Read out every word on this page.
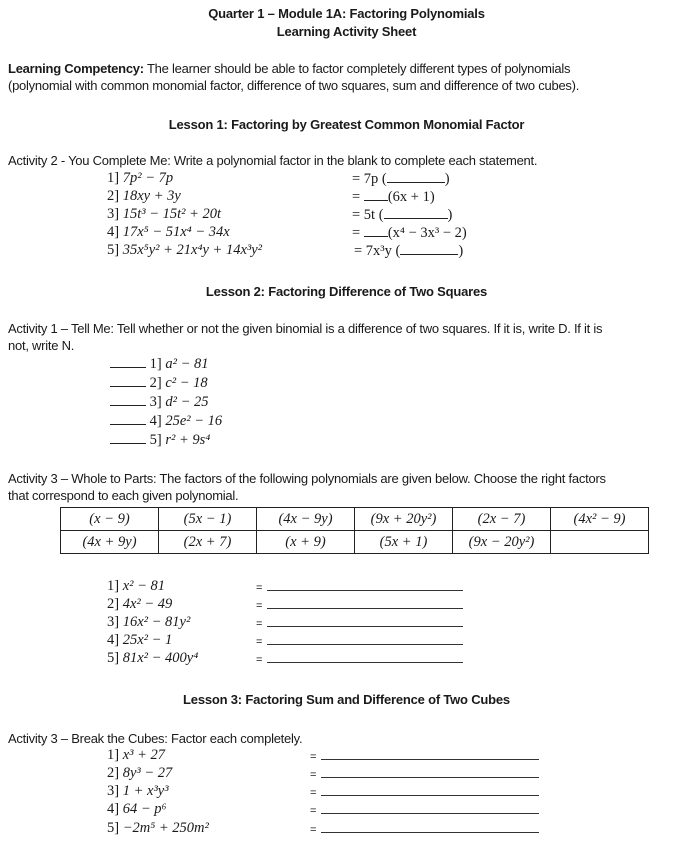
Quarter 1 – Module 1A: Factoring Polynomials
Learning Activity Sheet
Learning Competency: The learner should be able to factor completely different types of polynomials
(polynomial with common monomial factor, difference of two squares, sum and difference of two cubes).
Lesson 1: Factoring by Greatest Common Monomial Factor
Activity 2 - You Complete Me: Write a polynomial factor in the blank to complete each statement.
1] 7p² − 7p	= 7p (	)
2] 18xy + 3y	= (6x + 1)
3] 15t³ − 15t² + 20t	= 5t (	)
4] 17x⁵ − 51x⁴ − 34x	= (x⁴ − 3x³ − 2)
5] 35x⁵y² + 21x⁴y + 14x³y²	= 7x³y (	)
Lesson 2: Factoring Difference of Two Squares
Activity 1 – Tell Me: Tell whether or not the given binomial is a difference of two squares. If it is, write D. If it is
not, write N.
1] a² − 81
2] c² − 18
3] d² − 25
4] 25e² − 16
5] r² + 9s⁴
Activity 3 – Whole to Parts: The factors of the following polynomials are given below. Choose the right factors
that correspond to each given polynomial.
(x − 9)	(5x − 1)	(4x − 9y)	(9x + 20y²)	(2x − 7)	(4x² − 9)
(4x + 9y)	(2x + 7)	(x + 9)	(5x + 1)	(9x − 20y²)	
1] x² − 81	=
2] 4x² − 49	=
3] 16x² − 81y²	=
4] 25x² − 1	=
5] 81x² − 400y⁴	=
Lesson 3: Factoring Sum and Difference of Two Cubes
Activity 3 – Break the Cubes: Factor each completely.
1] x³ + 27	=
2] 8y³ − 27	=
3] 1 + x³y³	=
4] 64 − p⁶	=
5] −2m⁵ + 250m²	=
